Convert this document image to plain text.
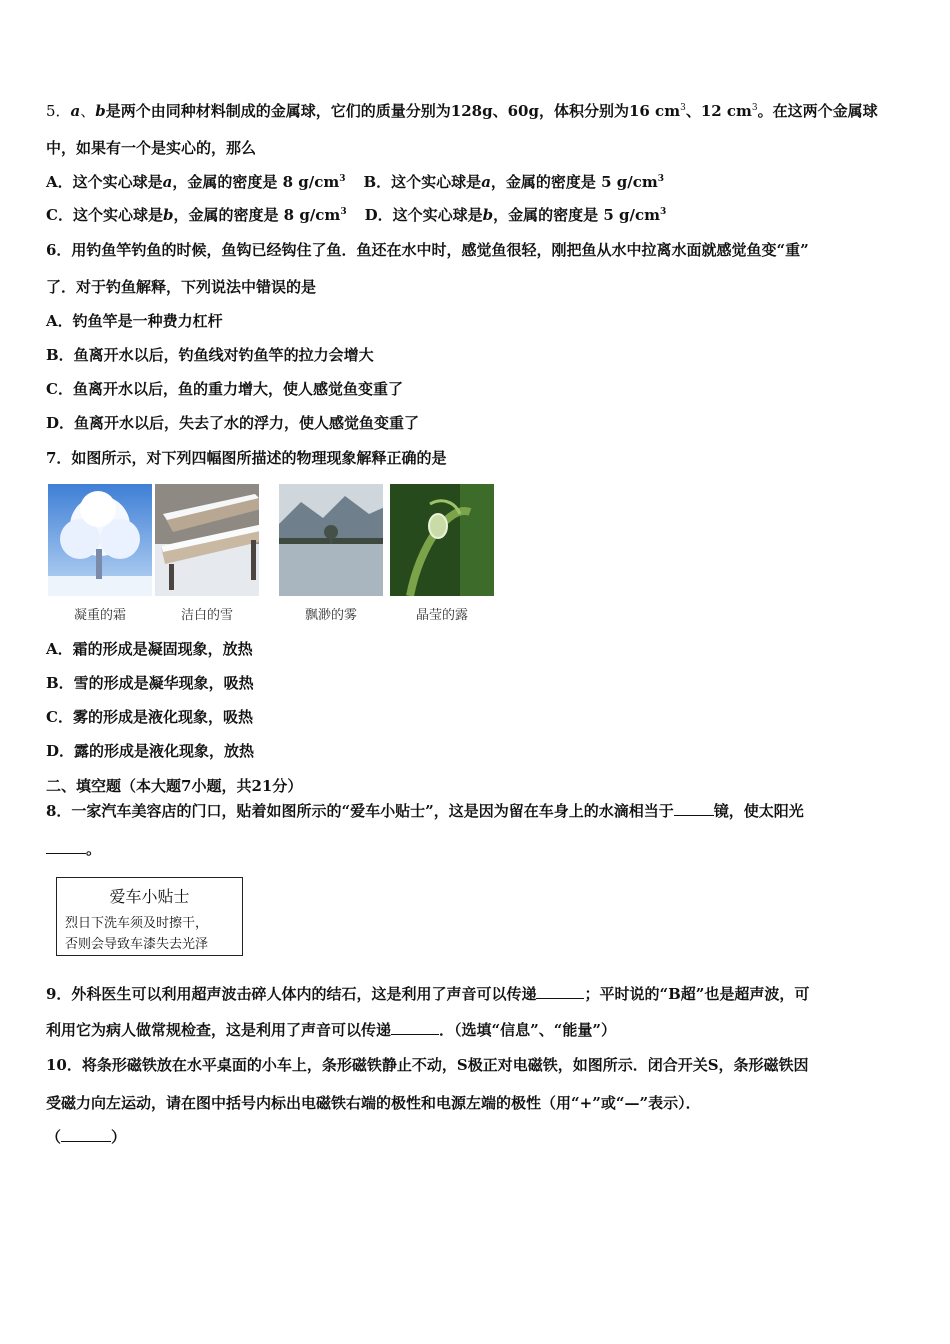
5．a、b是两个由同种材料制成的金属球，它们的质量分别为128g、60g，体积分别为16 $cm^3$、12 $cm^3$。在这两个金属球
中，如果有一个是实心的，那么
A．这个实心球是a，金属的密度是 8 $g/cm^3$ B．这个实心球是a，金属的密度是 5 $g/cm^3$
C．这个实心球是b，金属的密度是 8 $g/cm^3$ D．这个实心球是b，金属的密度是 5 $g/cm^3$
6．用钓鱼竿钓鱼的时候，鱼钩已经钩住了鱼．鱼还在水中时，感觉鱼很轻，刚把鱼从水中拉离水面就感觉鱼变“重”
了．对于钓鱼解释，下列说法中错误的是
A．钓鱼竿是一种费力杠杆
B．鱼离开水以后，钓鱼线对钓鱼竿的拉力会增大
C．鱼离开水以后，鱼的重力增大，使人感觉鱼变重了
D．鱼离开水以后，失去了水的浮力，使人感觉鱼变重了
7．如图所示，对下列四幅图所描述的物理现象解释正确的是
凝重的霜	洁白的雪	飘渺的雾	晶莹的露
A．霜的形成是凝固现象，放热
B．雪的形成是凝华现象，吸热
C．雾的形成是液化现象，吸热
D．露的形成是液化现象，放热
二、填空题（本大题7小题，共21分）
8．一家汽车美容店的门口，贴着如图所示的“爱车小贴士”，这是因为留在车身上的水滴相当于	镜，使太阳光
。
爱车小贴士
烈日下洗车须及时擦干，
否则会导致车漆失去光泽
9．外科医生可以利用超声波击碎人体内的结石，这是利用了声音可以传递	；平时说的“B超”也是超声波，可
利用它为病人做常规检查，这是利用了声音可以传递	．（选填“信息”、“能量”）
10．将条形磁铁放在水平桌面的小车上，条形磁铁静止不动，S极正对电磁铁，如图所示．闭合开关S，条形磁铁因
受磁力向左运动，请在图中括号内标出电磁铁右端的极性和电源左端的极性（用“+”或“—”表示）．
（	）
